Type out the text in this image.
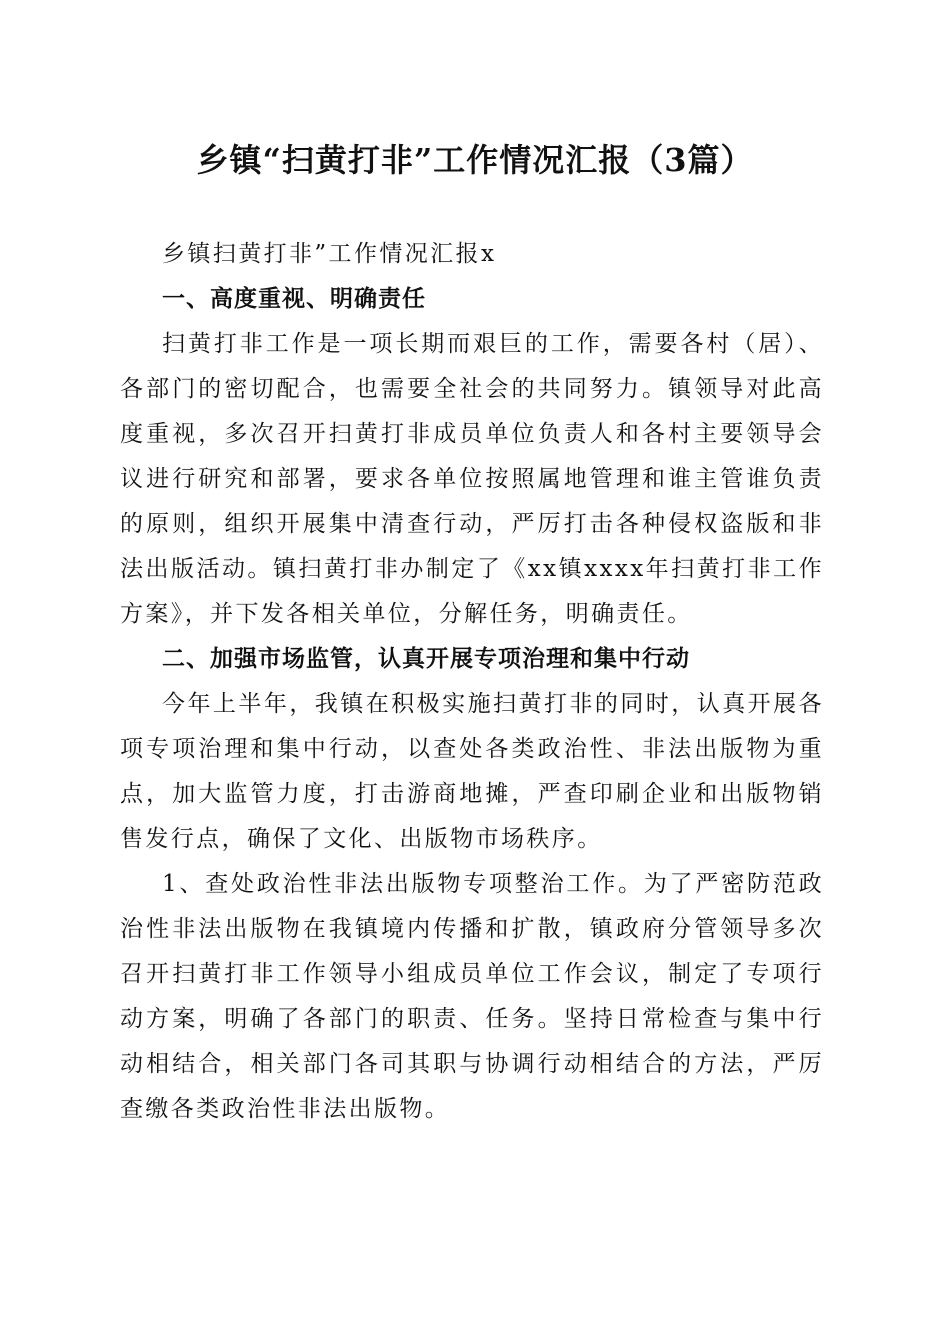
乡镇“扫黄打非”工作情况汇报（3篇）

乡镇扫黄打非”工作情况汇报x

一、高度重视、明确责任

扫黄打非工作是一项长期而艰巨的工作，需要各村（居）、各部门的密切配合，也需要全社会的共同努力。镇领导对此高度重视，多次召开扫黄打非成员单位负责人和各村主要领导会议进行研究和部署，要求各单位按照属地管理和谁主管谁负责的原则，组织开展集中清查行动，严厉打击各种侵权盗版和非法出版活动。镇扫黄打非办制定了《xx镇xxxx年扫黄打非工作方案》，并下发各相关单位，分解任务，明确责任。

二、加强市场监管，认真开展专项治理和集中行动

今年上半年，我镇在积极实施扫黄打非的同时，认真开展各项专项治理和集中行动，以查处各类政治性、非法出版物为重点，加大监管力度，打击游商地摊，严查印刷企业和出版物销售发行点，确保了文化、出版物市场秩序。

1、查处政治性非法出版物专项整治工作。为了严密防范政治性非法出版物在我镇境内传播和扩散，镇政府分管领导多次召开扫黄打非工作领导小组成员单位工作会议，制定了专项行动方案，明确了各部门的职责、任务。坚持日常检查与集中行动相结合，相关部门各司其职与协调行动相结合的方法，严厉查缴各类政治性非法出版物。
